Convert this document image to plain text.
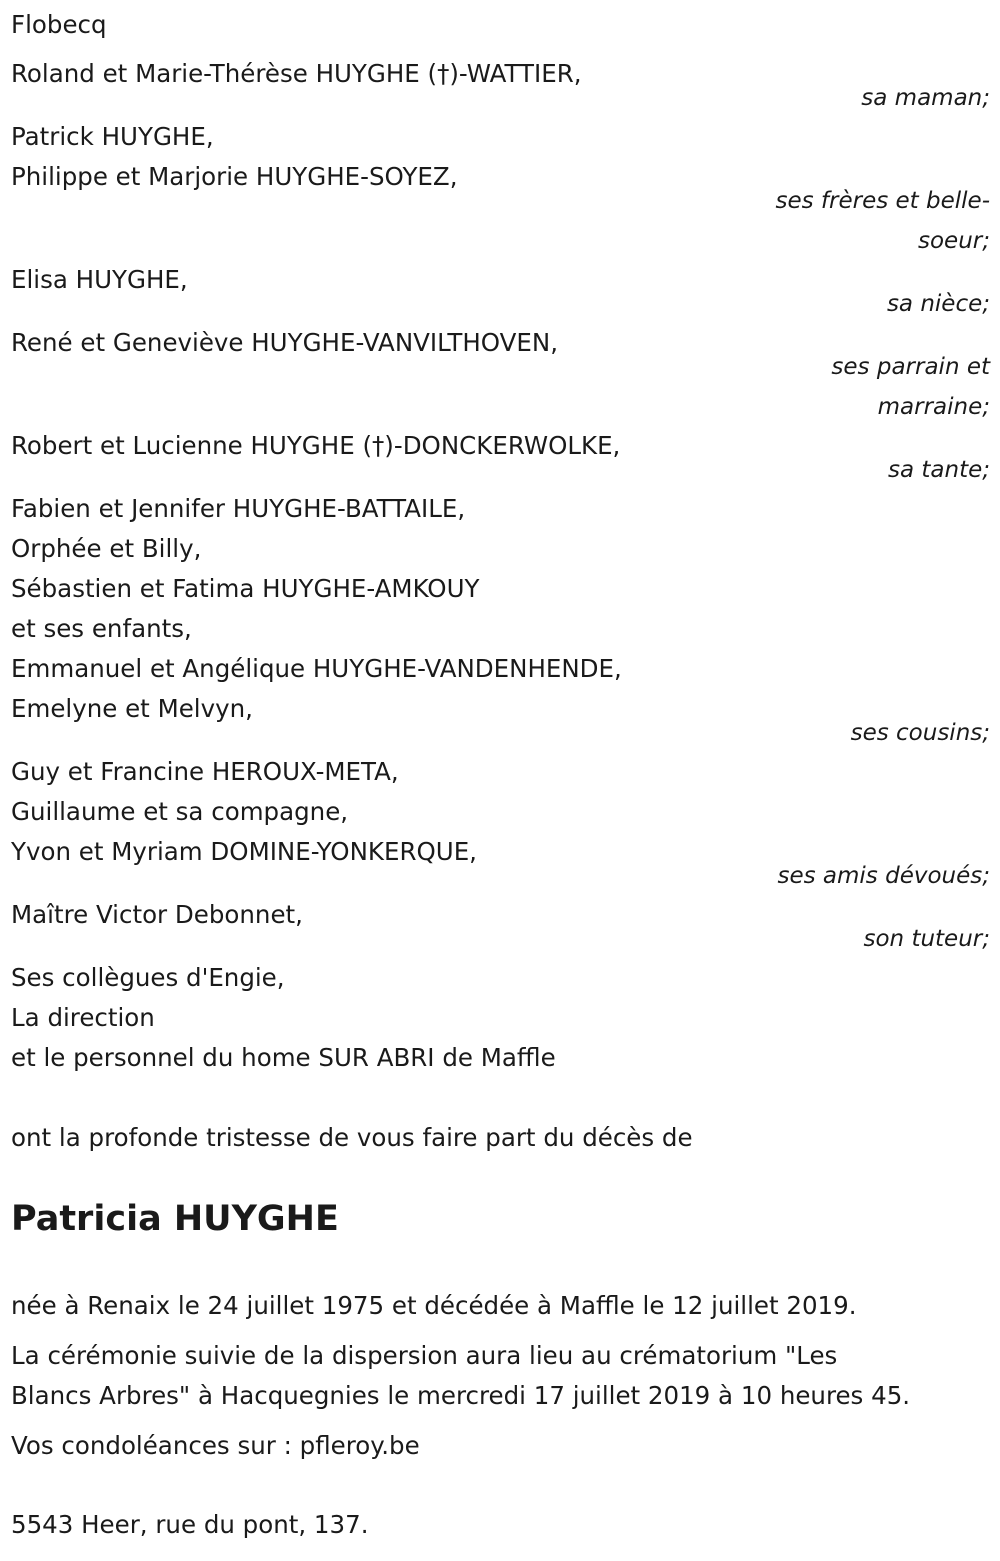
Flobecq
Roland et Marie-Thérèse HUYGHE (†)-WATTIER,
sa maman;
Patrick HUYGHE,
Philippe et Marjorie HUYGHE-SOYEZ,
ses frères et belle-
soeur;
Elisa HUYGHE,
sa nièce;
René et Geneviève HUYGHE-VANVILTHOVEN,
ses parrain et
marraine;
Robert et Lucienne HUYGHE (†)-DONCKERWOLKE,
sa tante;
Fabien et Jennifer HUYGHE-BATTAILE,
Orphée et Billy,
Sébastien et Fatima HUYGHE-AMKOUY
et ses enfants,
Emmanuel et Angélique HUYGHE-VANDENHENDE,
Emelyne et Melvyn,
ses cousins;
Guy et Francine HEROUX-META,
Guillaume et sa compagne,
Yvon et Myriam DOMINE-YONKERQUE,
ses amis dévoués;
Maître Victor Debonnet,
son tuteur;
Ses collègues d'Engie,
La direction
et le personnel du home SUR ABRI de Maffle
ont la profonde tristesse de vous faire part du décès de
Patricia HUYGHE
née à Renaix le 24 juillet 1975 et décédée à Maffle le 12 juillet 2019.
La cérémonie suivie de la dispersion aura lieu au crématorium "Les
Blancs Arbres" à Hacquegnies le mercredi 17 juillet 2019 à 10 heures 45.
Vos condoléances sur : pfleroy.be
5543 Heer, rue du pont, 137.
